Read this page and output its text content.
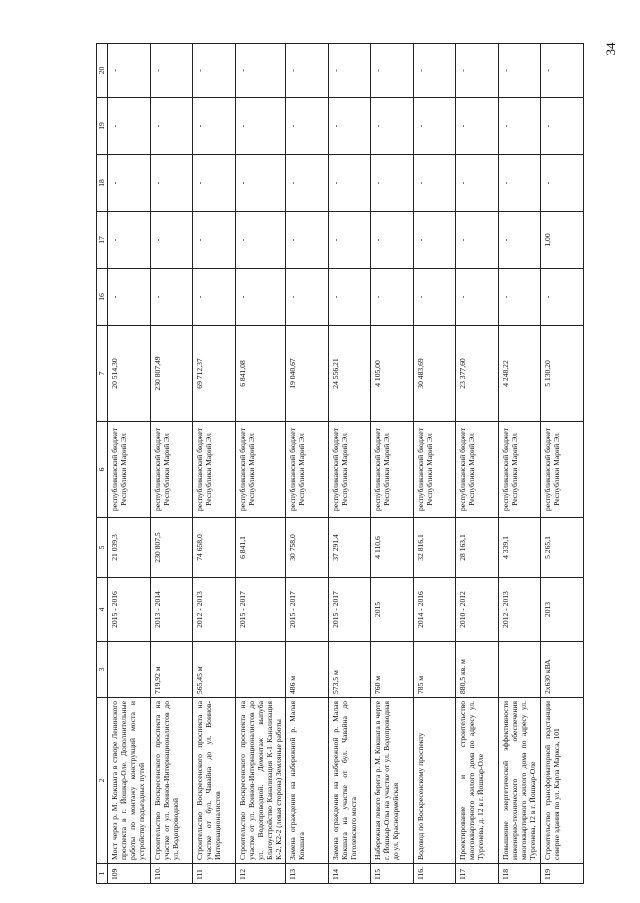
34
1	2	3	4	5	6	7	16	17	18	19	20
109	Мост через р. М. Кокшага в створе Ленинского проспекта в г. Йошкар-Оле. Дополнительные работы по монтажу конструкций моста и устройству подъездных путей		2015 - 2016	21 039,3	республиканский бюджет Республики Марий Эл	20 514,30	-	-	-	-	-
110.	Строительство Воскресенского проспекта на участке от ул. Воинов-Интернационалистов до ул. Водопроводной	719,92 м	2013 - 2014	230 807,5	республиканский бюджет Республики Марий Эл	230 807,49	-	-	-	-	-
111	Строительство Воскресенского проспекта на участке от бул. Чавайна до ул. Воинов-Интернационалистов	565,45 м	2012 - 2013	74 658,0	республиканский бюджет Республики Марий Эл	69 712,37	-	-	-	-	-
112	Строительство Воскресенского проспекта на участке от ул. Воинов-Интернационалистов до ул. Водопроводной. Демонтаж выпуба Благоустройство Канализация К-1 Канализация К-2, К2-2 (левая сторона) Земляные работы		2015 - 2017	6 841,1	республиканский бюджет Республики Марий Эл	6 841,08	-	-	-	-	-
113	Замена ограждения на набережной р. Малая Кокшага	486 м	2015 - 2017	30 758,0	республиканский бюджет Республики Марий Эл	19 040,67	-	-	-	-	-
114	Замена ограждения на набережной р. Малая Кокшага на участке от бул. Чавайна до Гоголевского моста	573,5 м	2015 - 2017	37 291,4	республиканский бюджет Республики Марий Эл	24 556,21	-	-	-	-	-
115	Набережная левого берега р. М. Кокшага в черте г. Йошкар-Олы на участке от ул. Водопроводная до ул. Красноармейская	760 м	2015	4 110,6	республиканский бюджет Республики Марий Эл	4 105,00	-	-	-	-	-
116.	Водовод по Воскресенскому проспекту	785 м	2014 - 2016	32 816,1	республиканский бюджет Республики Марий Эл	30 483,69	-	-	-	-	-
117	Проектирование и строительство многоквартирного жилого дома по адресу ул. Тургенева, д. 12 в г. Йошкар-Оле	880,5 кв. м	2010 - 2012	28 163,1	республиканский бюджет Республики Марий Эл	23 377,60	-	-	-	-	-
118	Повышение энергетической эффективности инженерно-технического обеспечения многоквартирного жилого дома по адресу ул. Тургенева, 12 в г. Йошкар-Оле		2012 - 2013	4 339,1	республиканский бюджет Республики Марий Эл	4 248,22	-	-	-	-	-
119	Строительство трансформаторной подстанции северне здания по ул. Карла Маркса, 101	2х630 кВА	2013	5 265,1	республиканский бюджет Республики Марий Эл	5 130,20	-	1,00	-	-	-
